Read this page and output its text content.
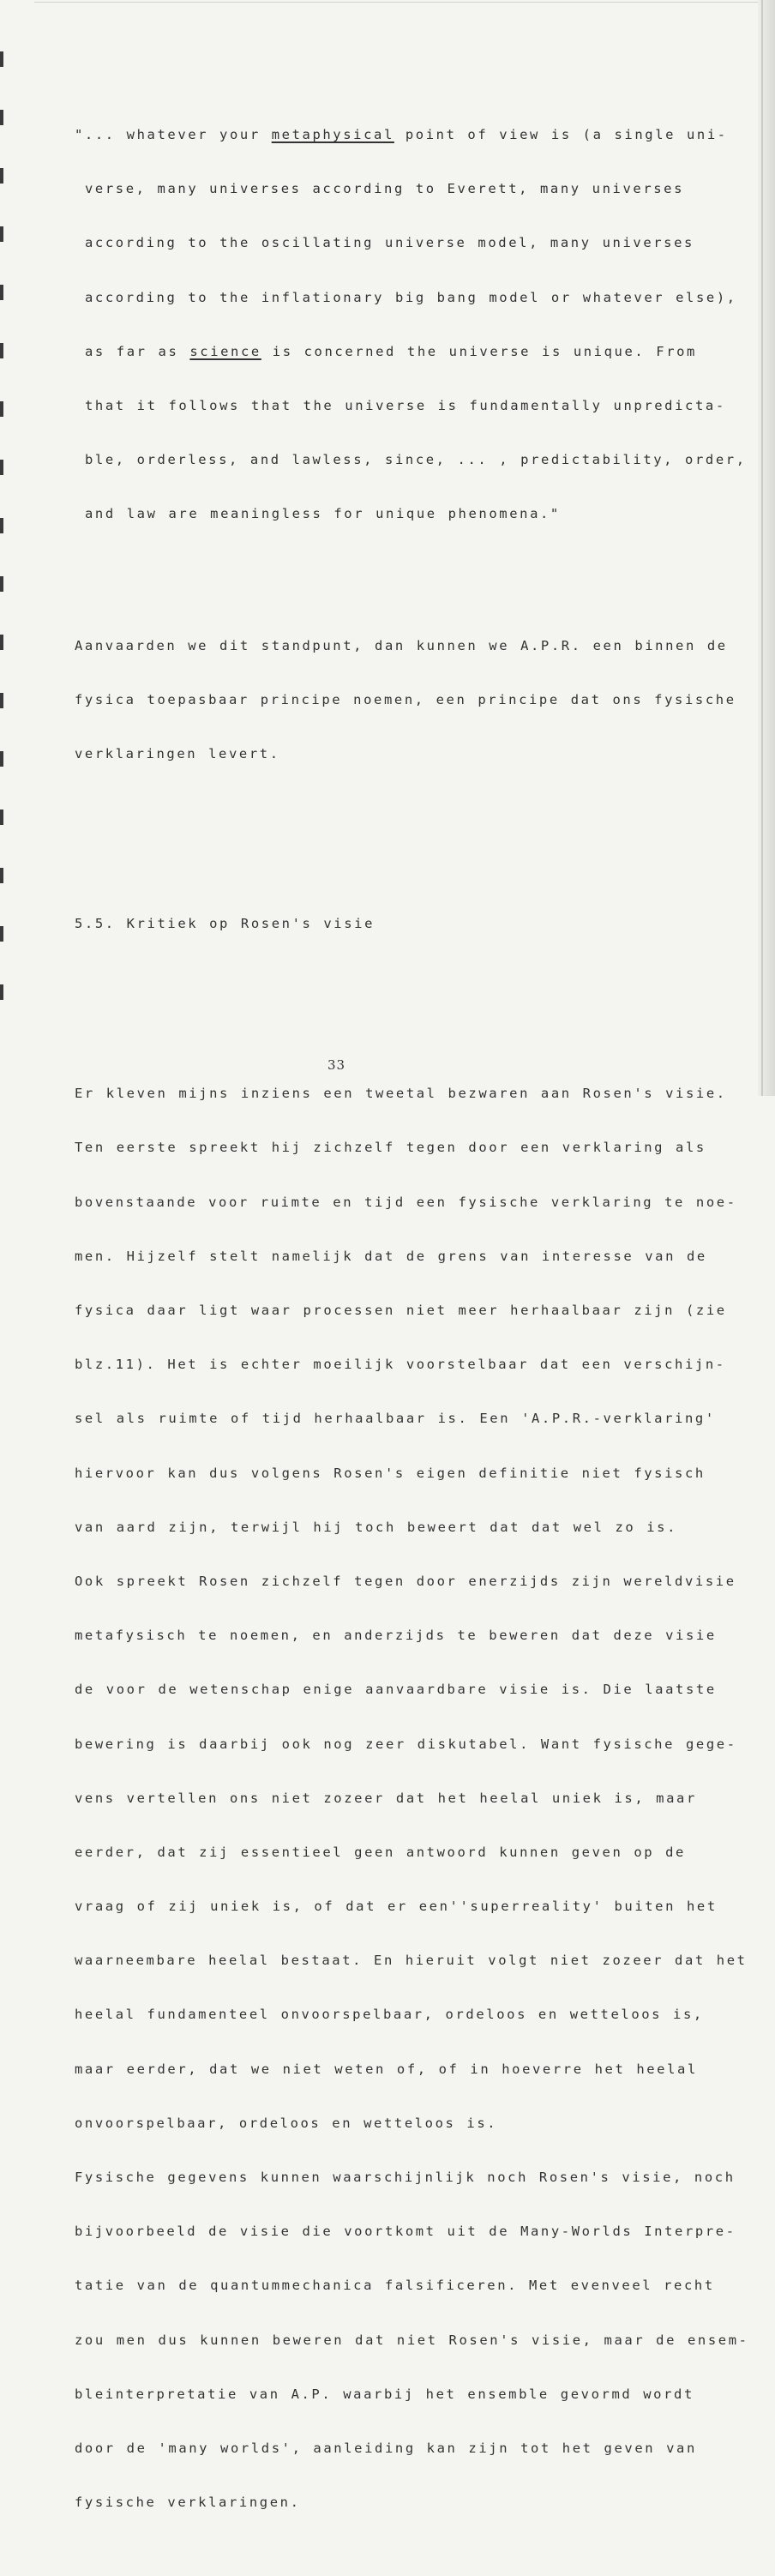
"... whatever your metaphysical point of view is (a single uni-

verse, many universes according to Everett, many universes

according to the oscillating universe model, many universes

according to the inflationary big bang model or whatever else),

as far as science is concerned the universe is unique. From

that it follows that the universe is fundamentally unpredicta-

ble, orderless, and lawless, since, ... , predictability, order,

and law are meaningless for unique phenomena."

Aanvaarden we dit standpunt, dan kunnen we A.P.R. een binnen de

fysica toepasbaar principe noemen, een principe dat ons fysische

verklaringen levert.

5.5. Kritiek op Rosen's visie

Er kleven mijns inziens een tweetal bezwaren aan Rosen's visie.

Ten eerste spreekt hij zichzelf tegen door een verklaring als

bovenstaande voor ruimte en tijd een fysische verklaring te noe-

men. Hijzelf stelt namelijk dat de grens van interesse van de

fysica daar ligt waar processen niet meer herhaalbaar zijn (zie

blz.11). Het is echter moeilijk voorstelbaar dat een verschijn-

sel als ruimte of tijd herhaalbaar is. Een 'A.P.R.-verklaring'

hiervoor kan dus volgens Rosen's eigen definitie niet fysisch

van aard zijn, terwijl hij toch beweert dat dat wel zo is.

Ook spreekt Rosen zichzelf tegen door enerzijds zijn wereldvisie

metafysisch te noemen, en anderzijds te beweren dat deze visie

de voor de wetenschap enige aanvaardbare visie is. Die laatste

bewering is daarbij ook nog zeer diskutabel. Want fysische gege-

vens vertellen ons niet zozeer dat het heelal uniek is, maar

eerder, dat zij essentieel geen antwoord kunnen geven op de

vraag of zij uniek is, of dat er een''superreality' buiten het

waarneembare heelal bestaat. En hieruit volgt niet zozeer dat het

heelal fundamenteel onvoorspelbaar, ordeloos en wetteloos is,

maar eerder, dat we niet weten of, of in hoeverre het heelal

onvoorspelbaar, ordeloos en wetteloos is.

Fysische gegevens kunnen waarschijnlijk noch Rosen's visie, noch

bijvoorbeeld de visie die voortkomt uit de Many-Worlds Interpre-

tatie van de quantummechanica falsificeren. Met evenveel recht

zou men dus kunnen beweren dat niet Rosen's visie, maar de ensem-

bleinterpretatie van A.P. waarbij het ensemble gevormd wordt

door de 'many worlds', aanleiding kan zijn tot het geven van

fysische verklaringen.

33
